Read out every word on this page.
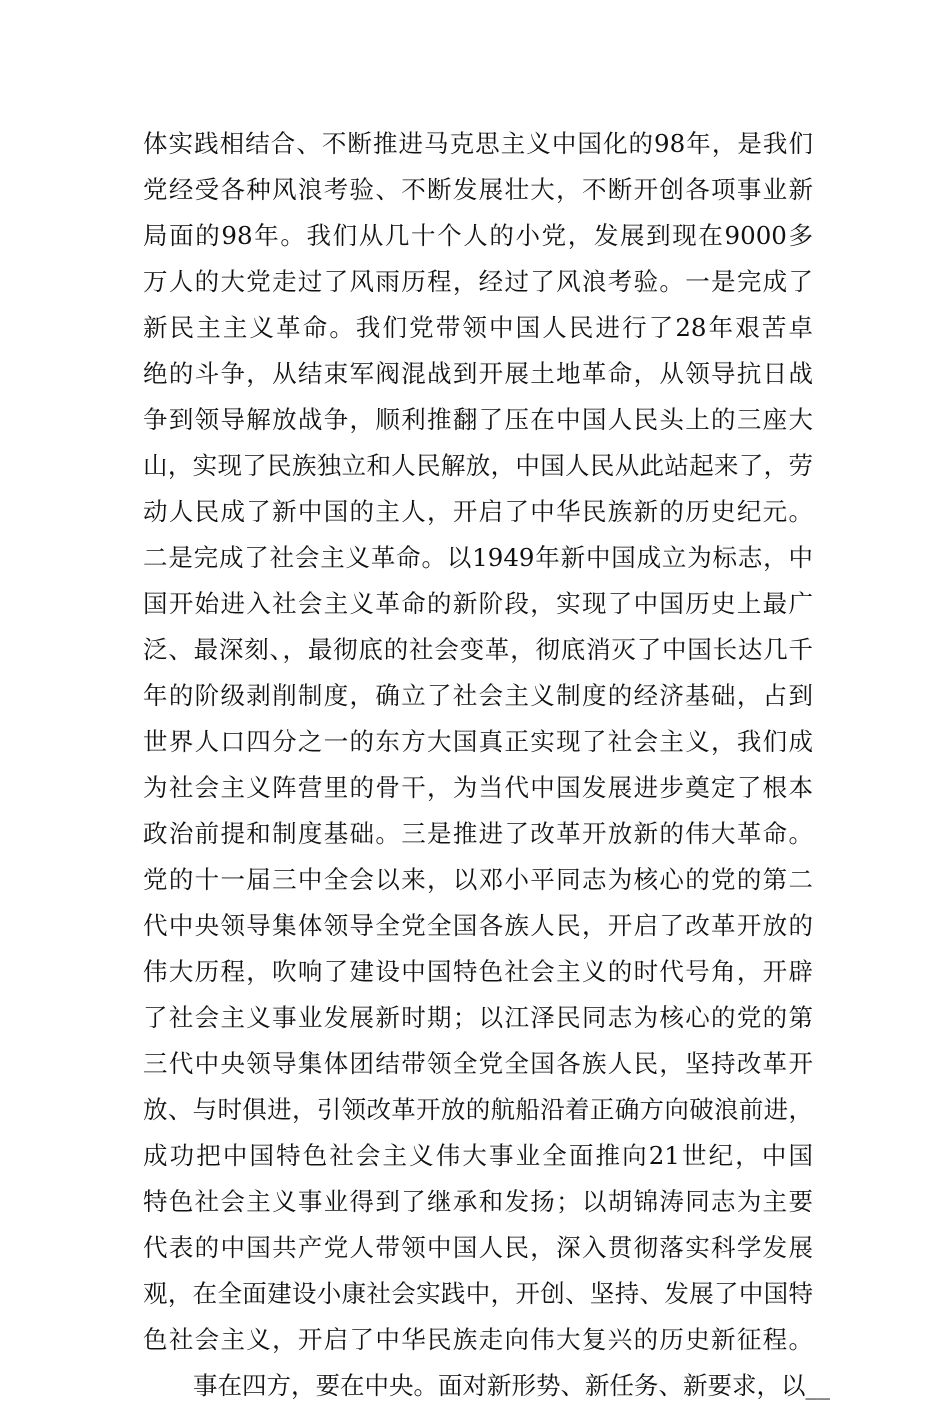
体实践相结合、不断推进马克思主义中国化的98年，是我们
党经受各种风浪考验、不断发展壮大，不断开创各项事业新
局面的98年。我们从几十个人的小党，发展到现在9000多
万人的大党走过了风雨历程，经过了风浪考验。一是完成了
新民主主义革命。我们党带领中国人民进行了28年艰苦卓
绝的斗争，从结束军阀混战到开展土地革命，从领导抗日战
争到领导解放战争，顺利推翻了压在中国人民头上的三座大
山，实现了民族独立和人民解放，中国人民从此站起来了，劳
动人民成了新中国的主人，开启了中华民族新的历史纪元。
二是完成了社会主义革命。以1949年新中国成立为标志，中
国开始进入社会主义革命的新阶段，实现了中国历史上最广
泛、最深刻、，最彻底的社会变革，彻底消灭了中国长达几千
年的阶级剥削制度，确立了社会主义制度的经济基础，占到
世界人口四分之一的东方大国真正实现了社会主义，我们成
为社会主义阵营里的骨干，为当代中国发展进步奠定了根本
政治前提和制度基础。三是推进了改革开放新的伟大革命。
党的十一届三中全会以来，以邓小平同志为核心的党的第二
代中央领导集体领导全党全国各族人民，开启了改革开放的
伟大历程，吹响了建设中国特色社会主义的时代号角，开辟
了社会主义事业发展新时期；以江泽民同志为核心的党的第
三代中央领导集体团结带领全党全国各族人民，坚持改革开
放、与时俱进，引领改革开放的航船沿着正确方向破浪前进，
成功把中国特色社会主义伟大事业全面推向21世纪，中国
特色社会主义事业得到了继承和发扬；以胡锦涛同志为主要
代表的中国共产党人带领中国人民，深入贯彻落实科学发展
观，在全面建设小康社会实践中，开创、坚持、发展了中国特
色社会主义，开启了中华民族走向伟大复兴的历史新征程。
事在四方，要在中央。面对新形势、新任务、新要求，以__
